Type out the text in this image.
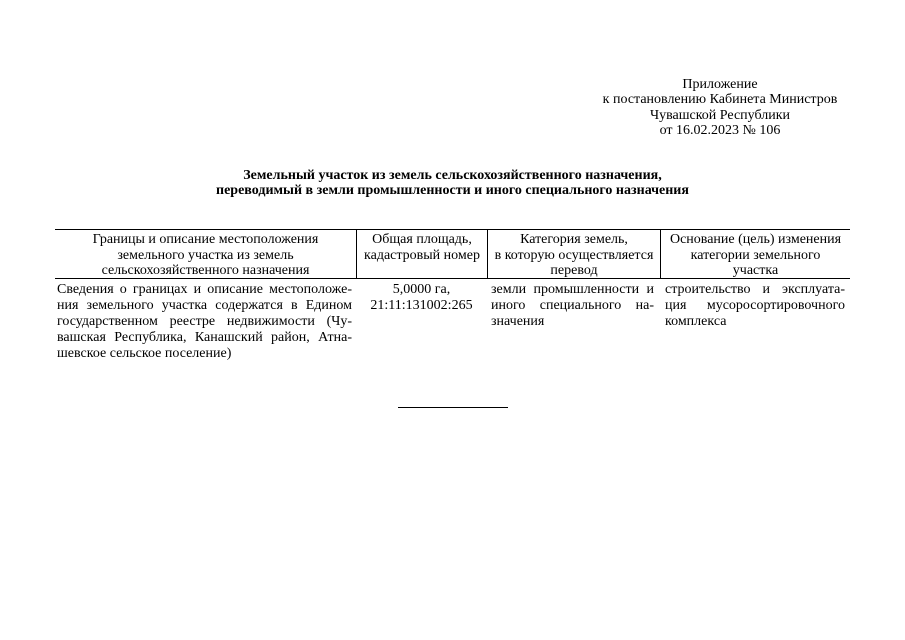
Приложение
к постановлению Кабинета Министров
Чувашской Республики
от 16.02.2023 № 106
Земельный участок из земель сельскохозяйственного назначения,
переводимый в земли промышленности и иного специального назначения
Границы и описание местоположения
земельного участка из земель
сельскохозяйственного назначения
Общая площадь,
кадастровый номер
Категория земель,
в которую осуществляется
перевод
Основание (цель) изменения
категории земельного
участка
Сведения о границах и описание местоположе-
ния земельного участка содержатся в Едином
государственном реестре недвижимости (Чу-
вашская Республика, Канашский район, Атна-
шевское сельское поселение)
5,0000 га,
21:11:131002:265
земли промышленности и
иного специального на-
значения
строительство и эксплуата-
ция мусоросортировочного
комплекса
